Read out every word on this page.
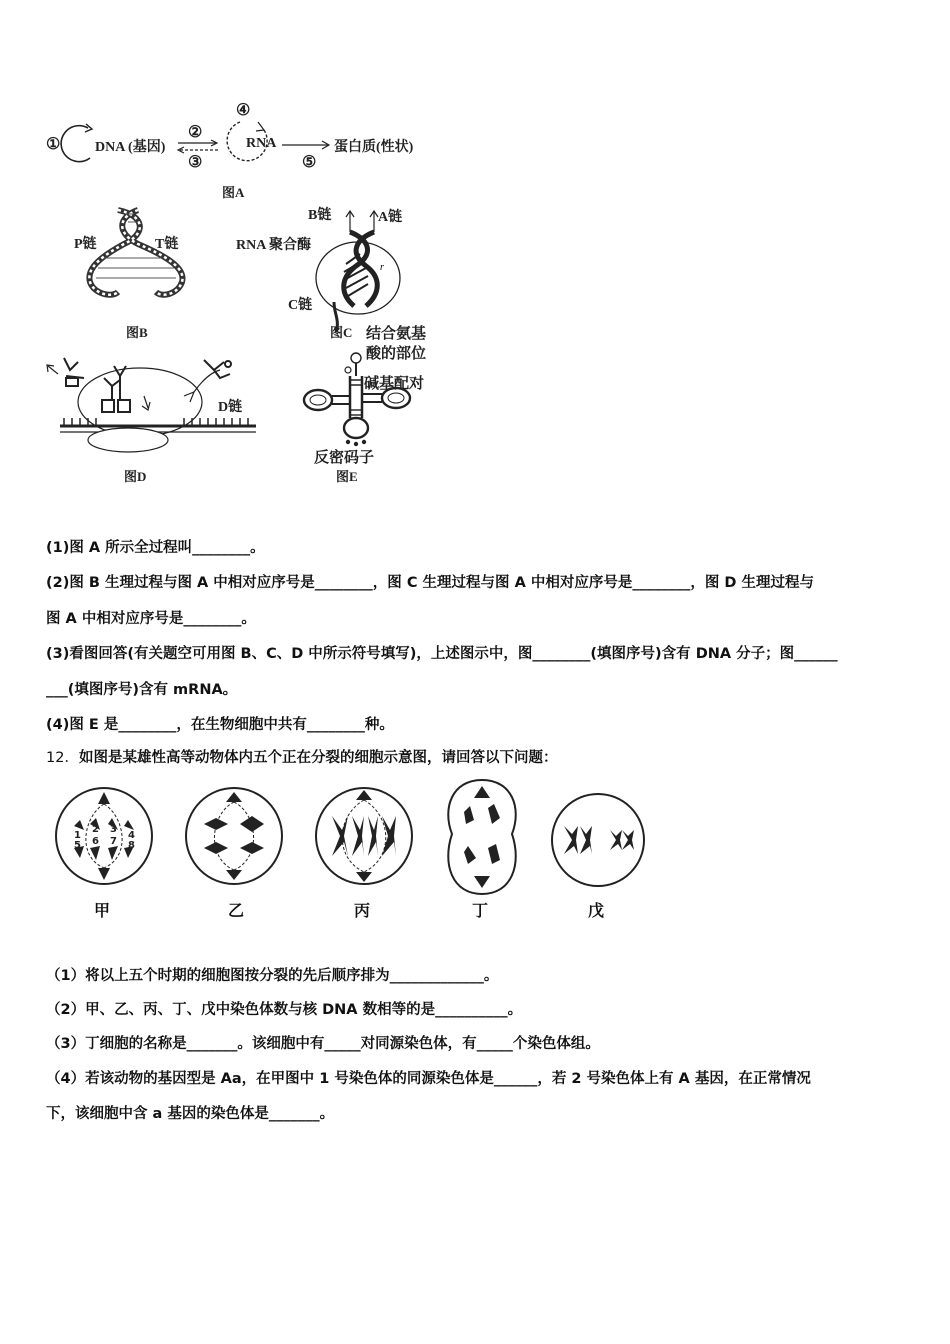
① DNA (基因)
②
③
④
RNA
⑤
蛋白质(性状)
图A
P链	T链
图B
B链	A链
RNA 聚合酶
C链
r
图C
D链
图D
结合氨基
酸的部位
碱基配对
反密码子
图E
(1)图 A 所示全过程叫________。
(2)图 B 生理过程与图 A 中相对应序号是________，图 C 生理过程与图 A 中相对应序号是________，图 D 生理过程与
图 A 中相对应序号是________。
(3)看图回答(有关题空可用图 B、C、D 中所示符号填写)，上述图示中，图________(填图序号)含有 DNA 分子；图______
___(填图序号)含有 mRNA。
(4)图 E 是________，在生物细胞中共有________种。
12．如图是某雄性高等动物体内五个正在分裂的细胞示意图，请回答以下问题：
1
2 3
4
5 6 7 8
甲	乙	丙	丁	戊
（1）将以上五个时期的细胞图按分裂的先后顺序排为_____________。
（2）甲、乙、丙、丁、戊中染色体数与核 DNA 数相等的是__________。
（3）丁细胞的名称是_______。该细胞中有_____对同源染色体，有_____个染色体组。
（4）若该动物的基因型是 Aa，在甲图中 1 号染色体的同源染色体是______，若 2 号染色体上有 A 基因，在正常情况
下，该细胞中含 a 基因的染色体是_______。
